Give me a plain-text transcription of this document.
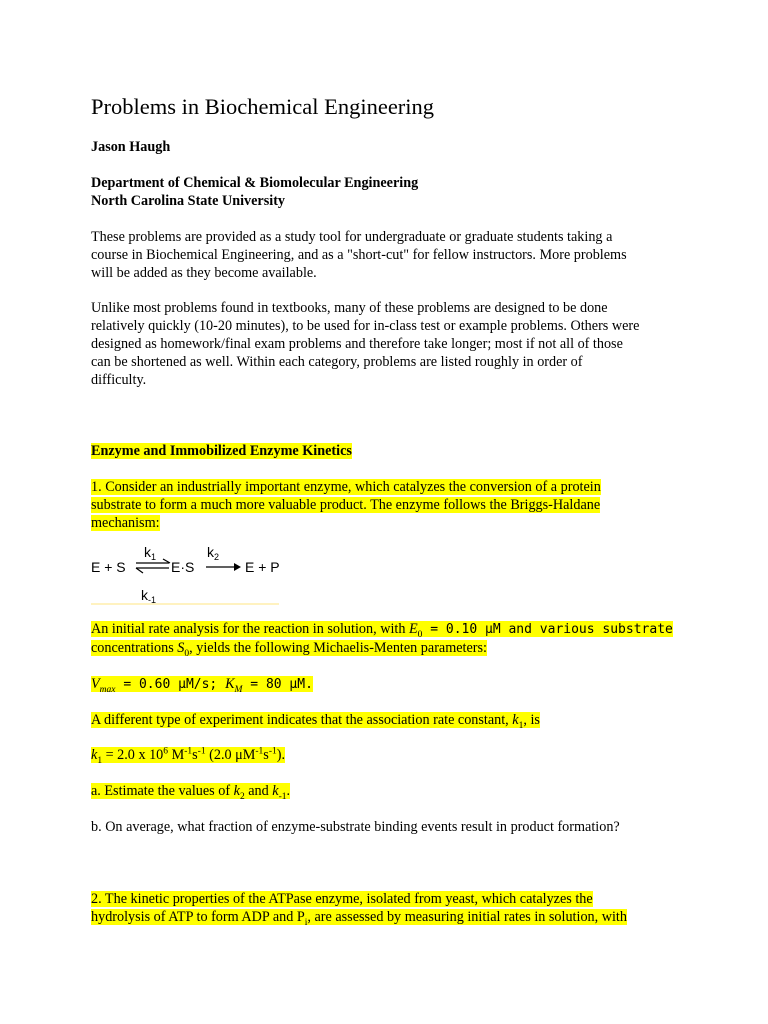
Problems in Biochemical Engineering

Jason Haugh

Department of Chemical & Biomolecular Engineering
North Carolina State University

These problems are provided as a study tool for undergraduate or graduate students taking a
course in Biochemical Engineering, and as a "short-cut" for fellow instructors. More problems
will be added as they become available.

Unlike most problems found in textbooks, many of these problems are designed to be done
relatively quickly (10-20 minutes), to be used for in-class test or example problems. Others were
designed as homework/final exam problems and therefore take longer; most if not all of those
can be shortened as well. Within each category, problems are listed roughly in order of
difficulty.

Enzyme and Immobilized Enzyme Kinetics

1. Consider an industrially important enzyme, which catalyzes the conversion of a protein
substrate to form a much more valuable product. The enzyme follows the Briggs-Haldane
mechanism:

E + S
$k_1$	$k_2$
$k_{-1}$
E·S	E + P

An initial rate analysis for the reaction in solution, with $E_0 = 0.10$ μM and various substrate
concentrations $S_0$, yields the following Michaelis-Menten parameters:

$V_{max} = 0.60$ μM/s; $K_M = 80$ μM.

A different type of experiment indicates that the association rate constant, $k_1$, is

$k_1 = 2.0$ x $10^6$ $M^{-1}s^{-1}$ (2.0 $\mu M^{-1}s^{-1}$).

a. Estimate the values of $k_2$ and $k_{-1}$.

b. On average, what fraction of enzyme-substrate binding events result in product formation?

2. The kinetic properties of the ATPase enzyme, isolated from yeast, which catalyzes the
hydrolysis of ATP to form ADP and $P_i$, are assessed by measuring initial rates in solution, with
